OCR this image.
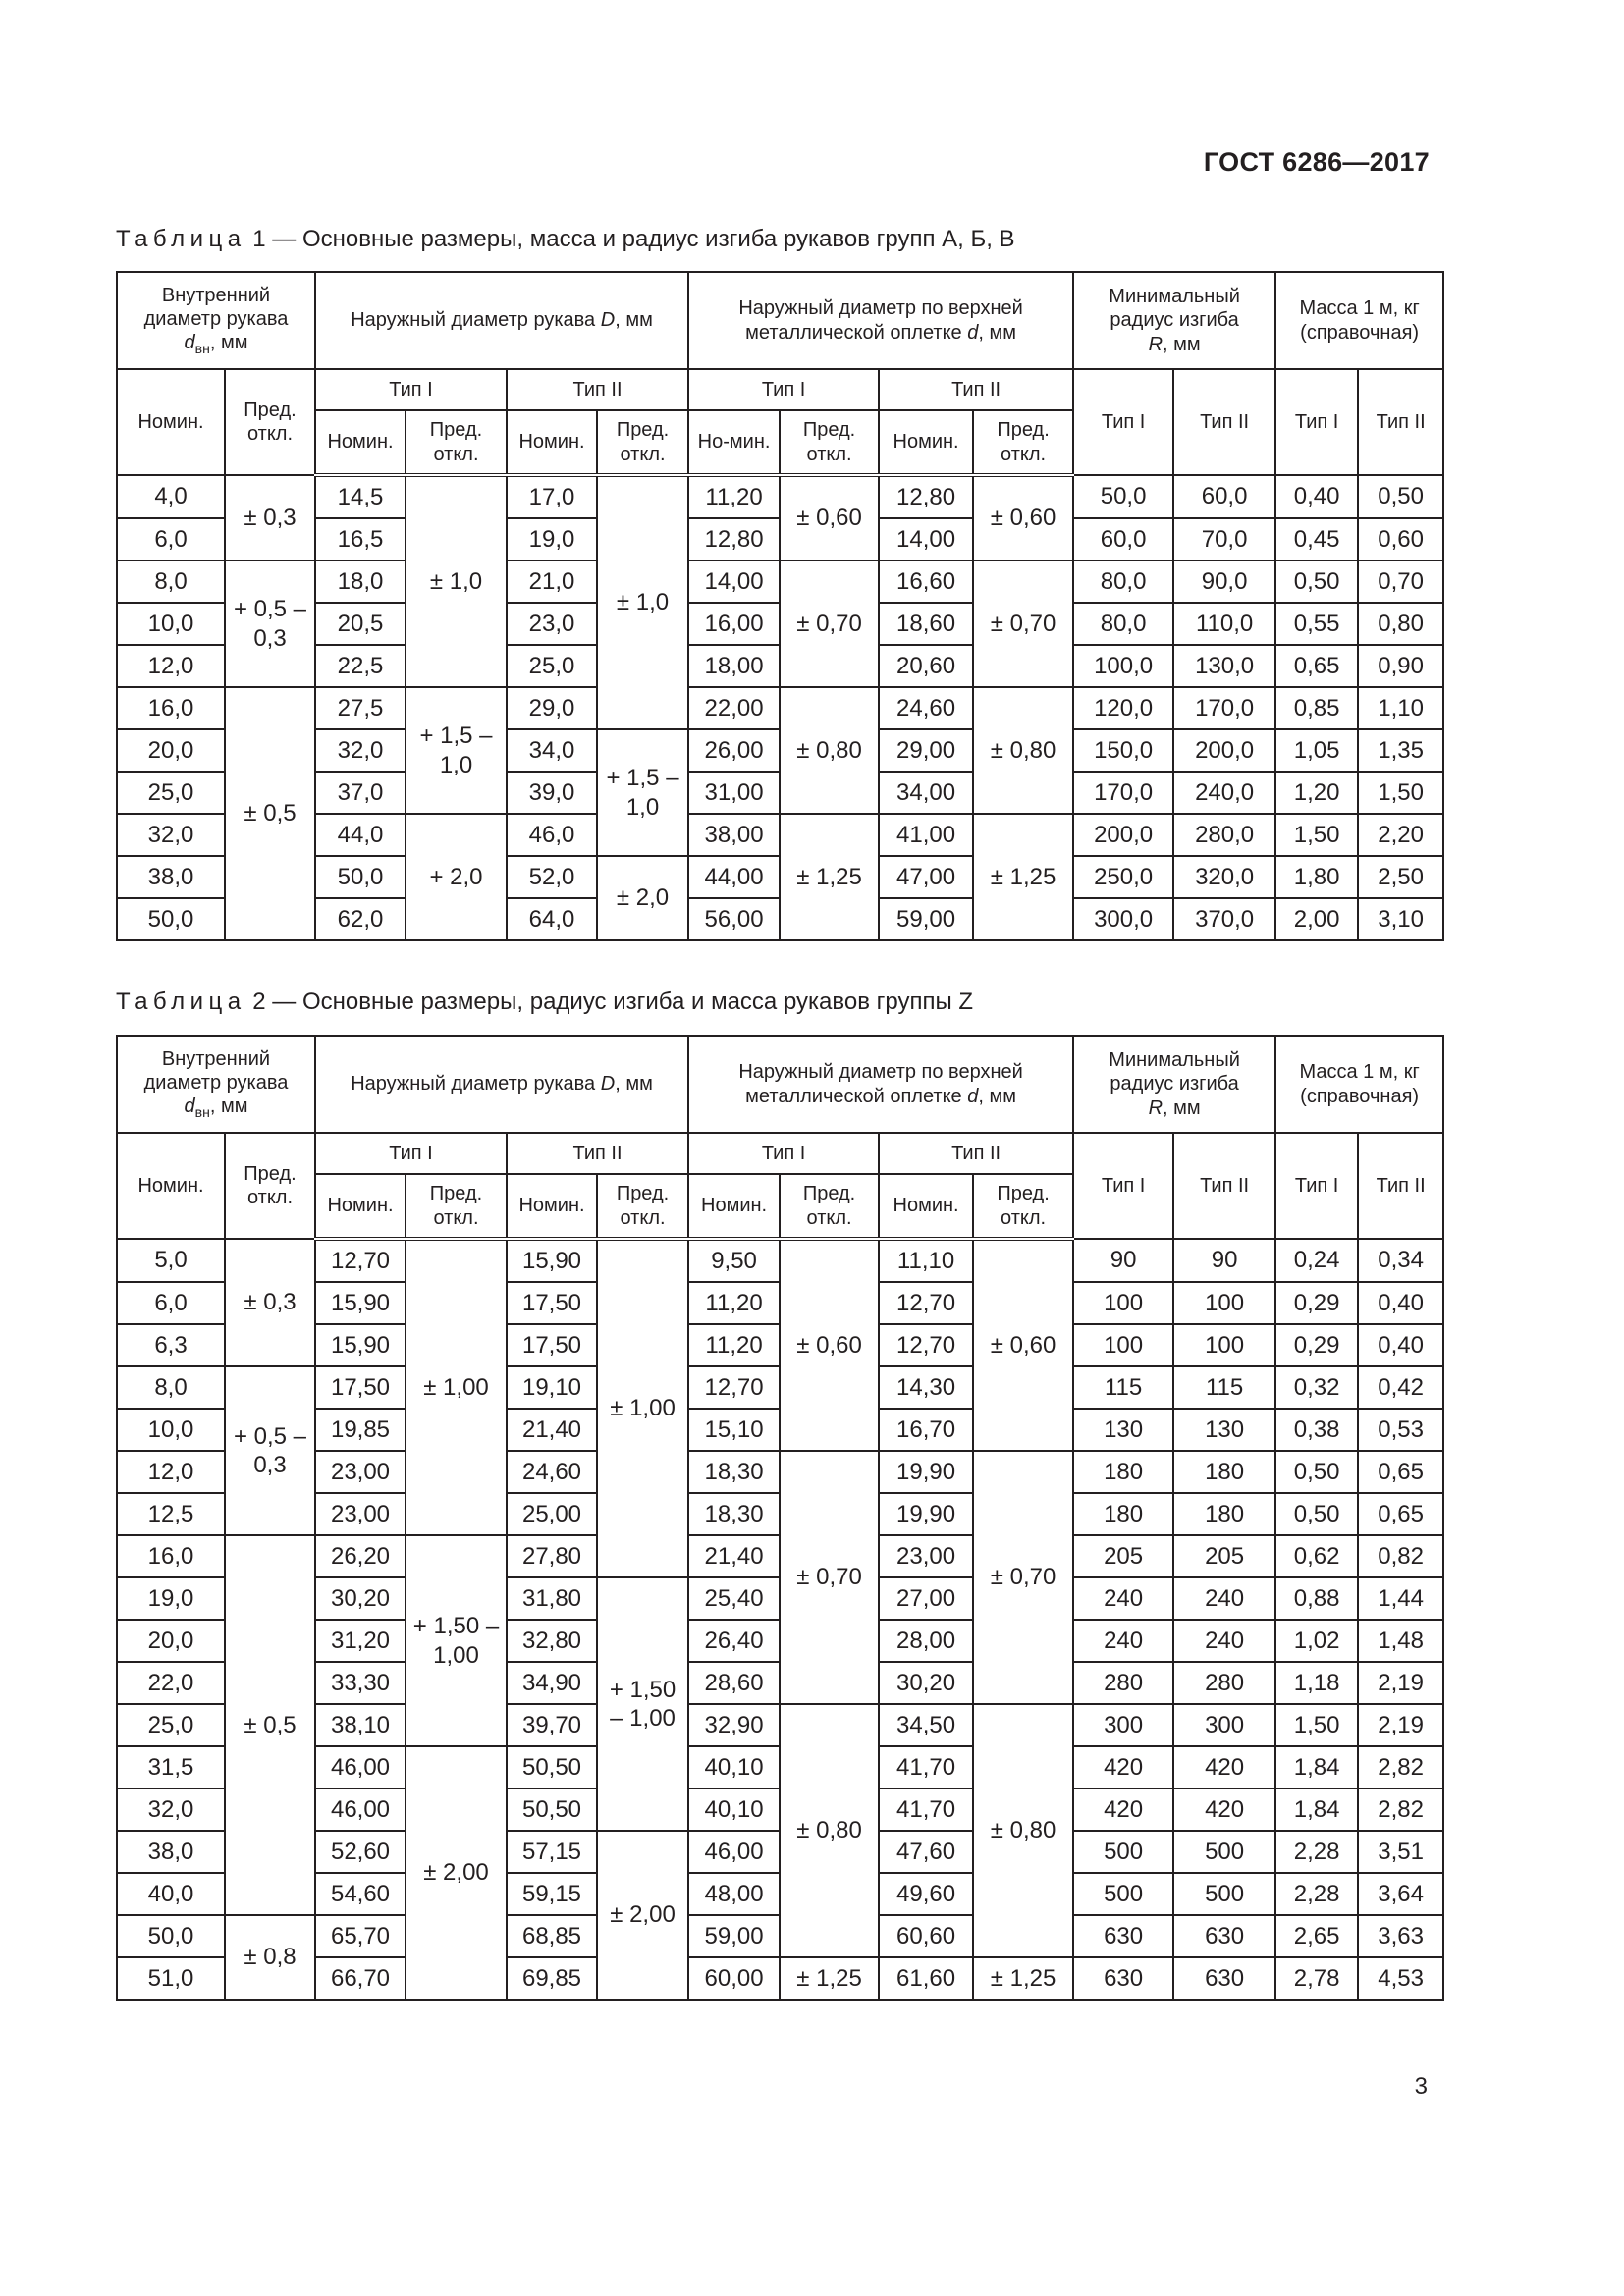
ГОСТ 6286—2017
Таблица 1 — Основные размеры, масса и радиус изгиба рукавов групп А, Б, В
Внутренний диаметр рукава
$d_{вн}$, мм		Наружный диаметр рукава D, мм				Наружный диаметр по верхней металлической оплетке d, мм				Минимальный радиус изгиба
R, мм		Масса 1 м, кг (справочная)	
Номин.	Пред. откл.	Тип I		Тип II		Тип I		Тип II		Тип I	Тип II	Тип I	Тип II
		Номин.	Пред. откл.	Номин.	Пред. откл.	Но-мин.	Пред. откл.	Номин.	Пред. откл.				
4,0	± 0,3	14,5	± 1,0	17,0	± 1,0	11,20	± 0,60	12,80	± 0,60	50,0	60,0	0,40	0,50
6,0		16,5		19,0		12,80		14,00		60,0	70,0	0,45	0,60
8,0	+ 0,5 – 0,3	18,0		21,0		14,00	± 0,70	16,60	± 0,70	80,0	90,0	0,50	0,70
10,0		20,5		23,0		16,00		18,60		80,0	110,0	0,55	0,80
12,0		22,5		25,0		18,00		20,60		100,0	130,0	0,65	0,90
16,0	± 0,5	27,5	+ 1,5 – 1,0	29,0		22,00	± 0,80	24,60	± 0,80	120,0	170,0	0,85	1,10
20,0		32,0		34,0	+ 1,5 – 1,0	26,00		29,00		150,0	200,0	1,05	1,35
25,0		37,0		39,0		31,00		34,00		170,0	240,0	1,20	1,50
32,0		44,0	+ 2,0	46,0		38,00	± 1,25	41,00	± 1,25	200,0	280,0	1,50	2,20
38,0		50,0		52,0	± 2,0	44,00		47,00		250,0	320,0	1,80	2,50
50,0		62,0		64,0		56,00		59,00		300,0	370,0	2,00	3,10
Таблица 2 — Основные размеры, радиус изгиба и масса рукавов группы Z
Внутренний диаметр рукава
$d_{вн}$, мм		Наружный диаметр рукава D, мм				Наружный диаметр по верхней металлической оплетке d, мм				Минимальный радиус изгиба
R, мм		Масса 1 м, кг (справочная)	
Номин.	Пред. откл.	Тип I		Тип II		Тип I		Тип II		Тип I	Тип II	Тип I	Тип II
		Номин.	Пред. откл.	Номин.	Пред. откл.	Номин.	Пред. откл.	Номин.	Пред. откл.				
5,0	± 0,3	12,70	± 1,00	15,90	± 1,00	9,50	± 0,60	11,10	± 0,60	90	90	0,24	0,34
6,0		15,90		17,50		11,20		12,70		100	100	0,29	0,40
6,3		15,90		17,50		11,20		12,70		100	100	0,29	0,40
8,0	+ 0,5 – 0,3	17,50		19,10		12,70		14,30		115	115	0,32	0,42
10,0		19,85		21,40		15,10		16,70		130	130	0,38	0,53
12,0		23,00		24,60		18,30	± 0,70	19,90	± 0,70	180	180	0,50	0,65
12,5		23,00		25,00		18,30		19,90		180	180	0,50	0,65
16,0	± 0,5	26,20	+ 1,50 – 1,00	27,80		21,40		23,00		205	205	0,62	0,82
19,0		30,20		31,80	+ 1,50 – 1,00	25,40		27,00		240	240	0,88	1,44
20,0		31,20		32,80		26,40		28,00		240	240	1,02	1,48
22,0		33,30		34,90		28,60		30,20		280	280	1,18	2,19
25,0		38,10		39,70		32,90	± 0,80	34,50	± 0,80	300	300	1,50	2,19
31,5		46,00	± 2,00	50,50		40,10		41,70		420	420	1,84	2,82
32,0		46,00		50,50		40,10		41,70		420	420	1,84	2,82
38,0		52,60		57,15	± 2,00	46,00		47,60		500	500	2,28	3,51
40,0		54,60		59,15		48,00		49,60		500	500	2,28	3,64
50,0	± 0,8	65,70		68,85		59,00		60,60		630	630	2,65	3,63
51,0		66,70		69,85		60,00	± 1,25	61,60	± 1,25	630	630	2,78	4,53
3
